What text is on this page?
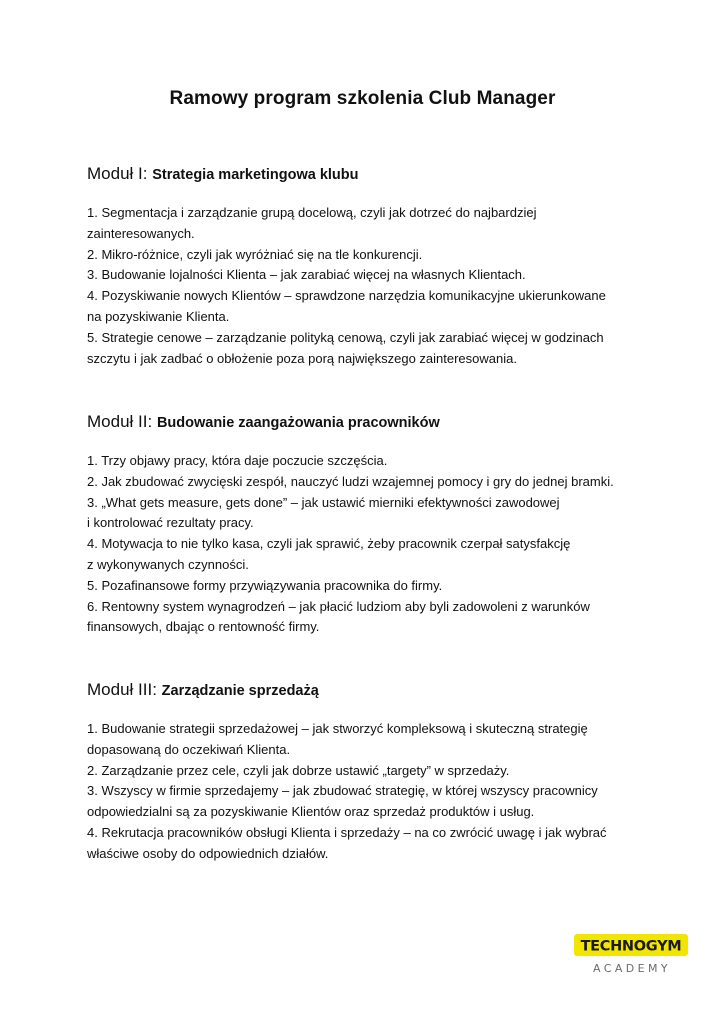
Ramowy program szkolenia Club Manager
Moduł I: Strategia marketingowa klubu
1. Segmentacja i zarządzanie grupą docelową, czyli jak dotrzeć do najbardziej
zainteresowanych.
2. Mikro-różnice, czyli jak wyróżniać się na tle konkurencji.
3. Budowanie lojalności Klienta – jak zarabiać więcej na własnych Klientach.
4. Pozyskiwanie nowych Klientów – sprawdzone narzędzia komunikacyjne ukierunkowane
na pozyskiwanie Klienta.
5. Strategie cenowe – zarządzanie polityką cenową, czyli jak zarabiać więcej w godzinach
szczytu i jak zadbać o obłożenie poza porą największego zainteresowania.
Moduł II: Budowanie zaangażowania pracowników
1. Trzy objawy pracy, która daje poczucie szczęścia.
2. Jak zbudować zwycięski zespół, nauczyć ludzi wzajemnej pomocy i gry do jednej bramki.
3. „What gets measure, gets done” – jak ustawić mierniki efektywności zawodowej
i kontrolować rezultaty pracy.
4. Motywacja to nie tylko kasa, czyli jak sprawić, żeby pracownik czerpał satysfakcję
z wykonywanych czynności.
5. Pozafinansowe formy przywiązywania pracownika do firmy.
6. Rentowny system wynagrodzeń – jak płacić ludziom aby byli zadowoleni z warunków
finansowych, dbając o rentowność firmy.
Moduł III: Zarządzanie sprzedażą
1. Budowanie strategii sprzedażowej – jak stworzyć kompleksową i skuteczną strategię
dopasowaną do oczekiwań Klienta.
2. Zarządzanie przez cele, czyli jak dobrze ustawić „targety” w sprzedaży.
3. Wszyscy w firmie sprzedajemy – jak zbudować strategię, w której wszyscy pracownicy
odpowiedzialni są za pozyskiwanie Klientów oraz sprzedaż produktów i usług.
4. Rekrutacja pracowników obsługi Klienta i sprzedaży – na co zwrócić uwagę i jak wybrać
właściwe osoby do odpowiednich działów.
TECHNOGYM
ACADEMY
